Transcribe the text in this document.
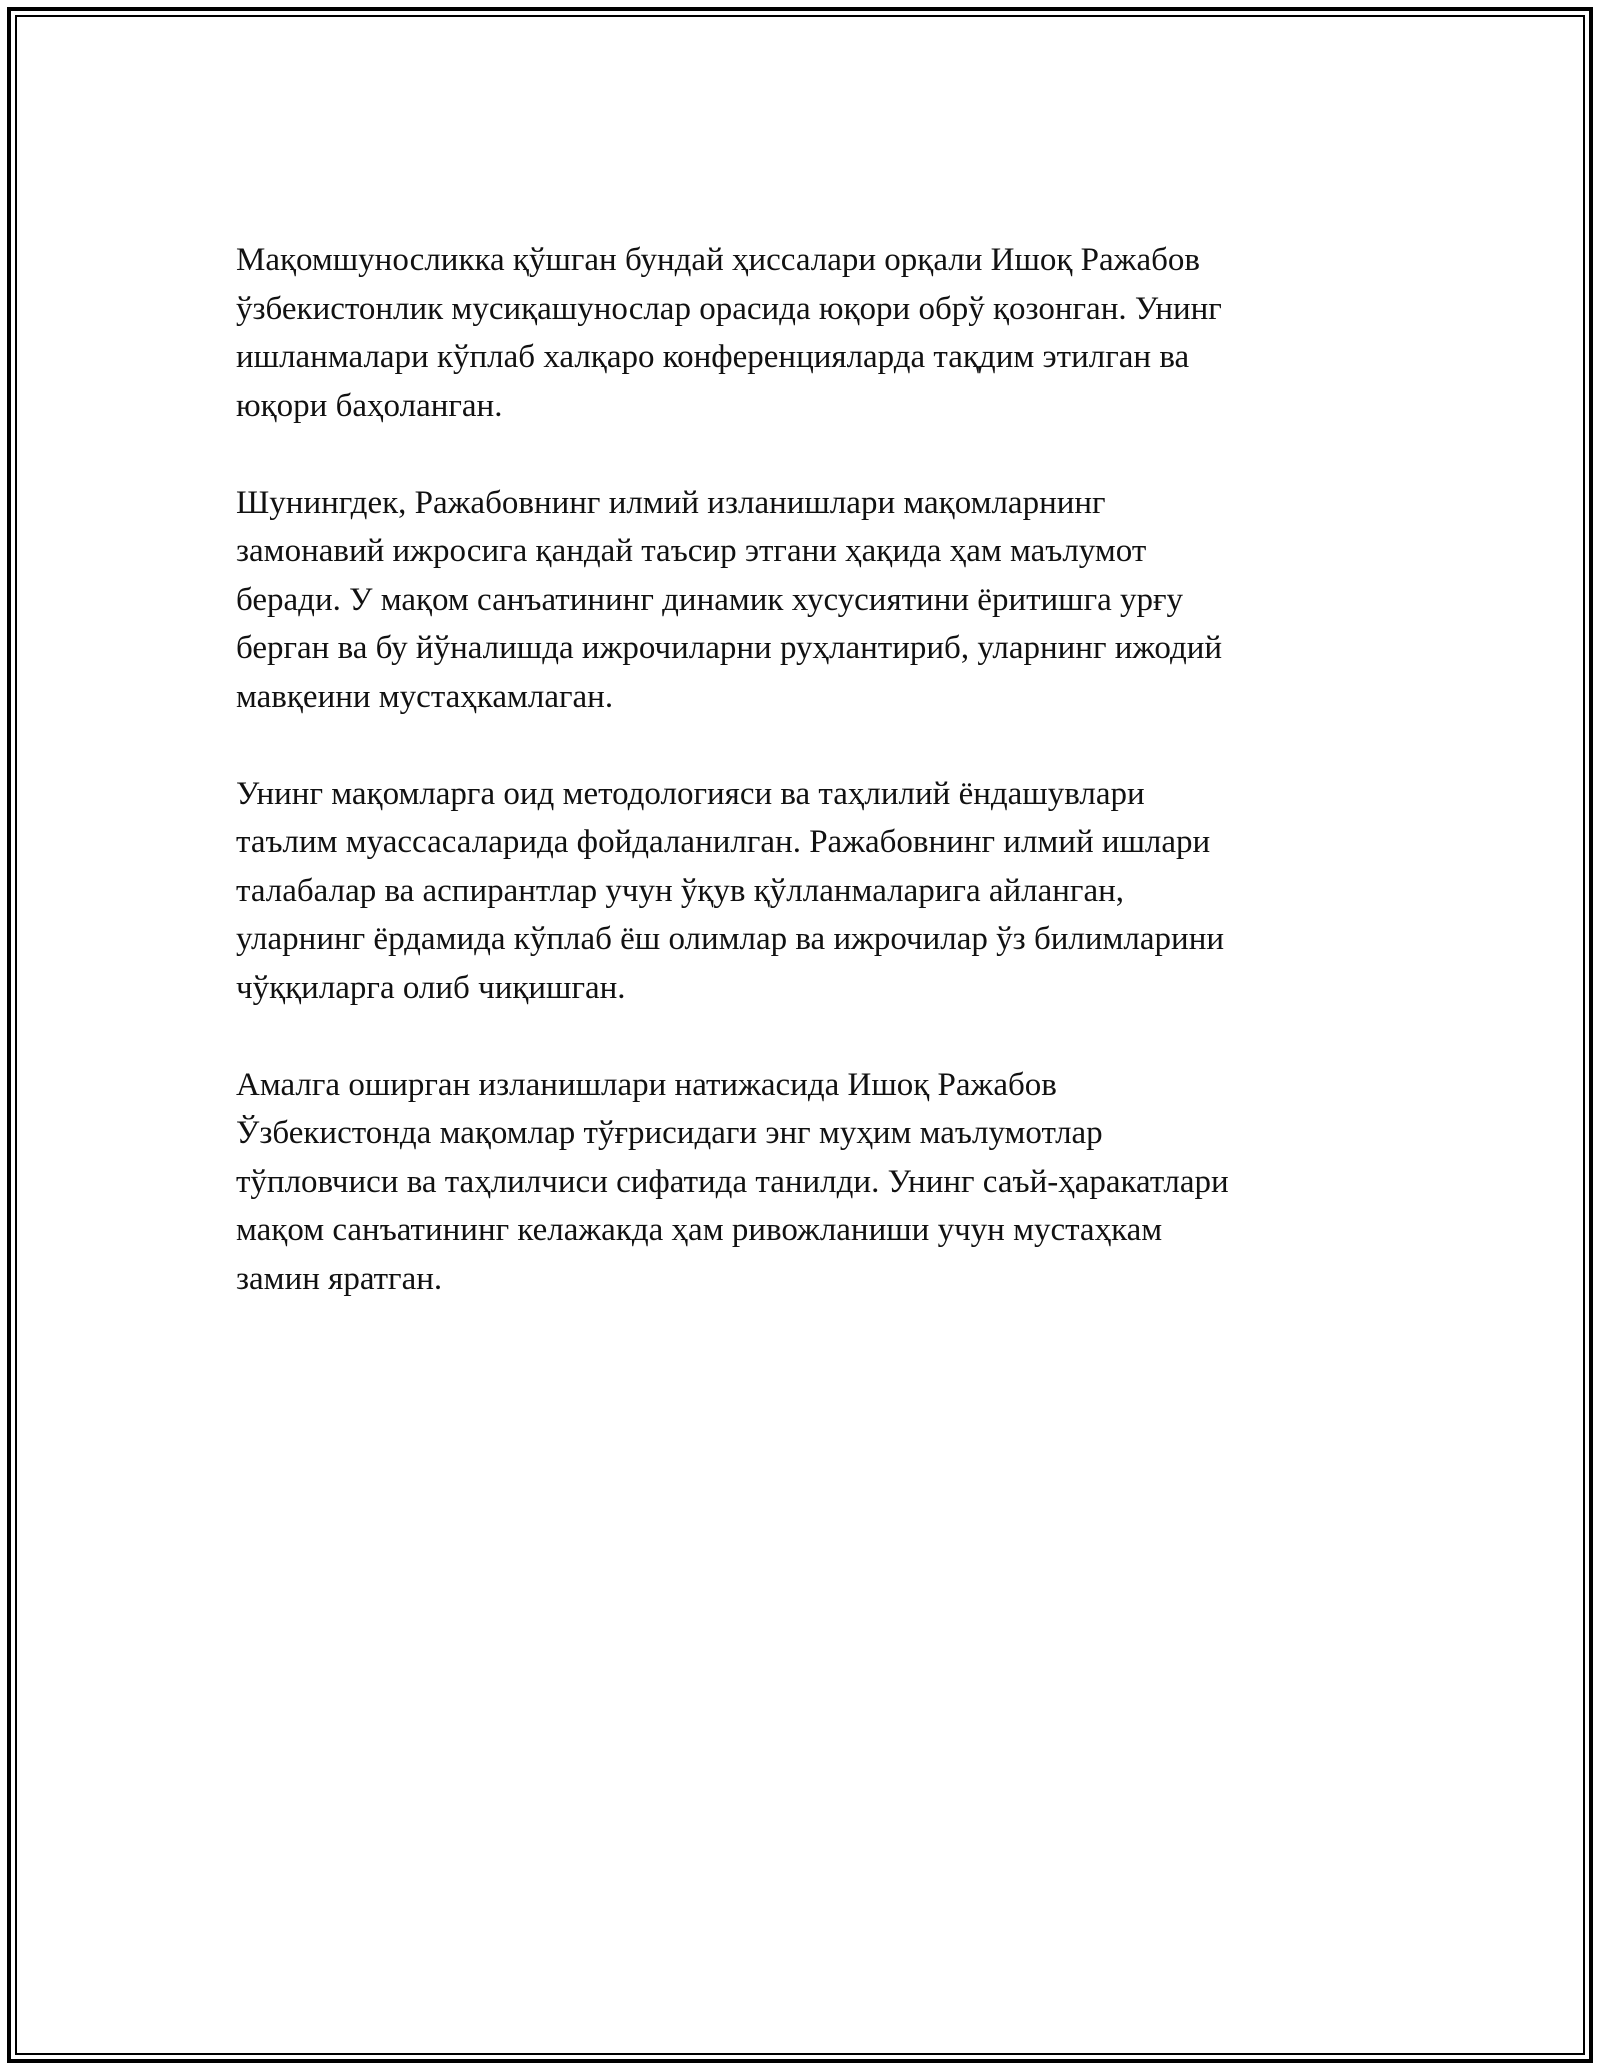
Мақомшуносликка қўшган бундай ҳиссалари орқали Ишоқ Ражабов
ўзбекистонлик мусиқашунослар орасида юқори обрў қозонган. Унинг
ишланмалари кўплаб халқаро конференцияларда тақдим этилган ва
юқори баҳоланган.

Шунингдек, Ражабовнинг илмий изланишлари мақомларнинг
замонавий ижросига қандай таъсир этгани ҳақида ҳам маълумот
беради. У мақом санъатининг динамик хусусиятини ёритишга урғу
берган ва бу йўналишда ижрочиларни руҳлантириб, уларнинг ижодий
мавқеини мустаҳкамлаган.

Унинг мақомларга оид методологияси ва таҳлилий ёндашувлари
таълим муассасаларида фойдаланилган. Ражабовнинг илмий ишлари
талабалар ва аспирантлар учун ўқув қўлланмаларига айланган,
уларнинг ёрдамида кўплаб ёш олимлар ва ижрочилар ўз билимларини
чўққиларга олиб чиқишган.

Амалга оширган изланишлари натижасида Ишоқ Ражабов
Ўзбекистонда мақомлар тўғрисидаги энг муҳим маълумотлар
тўпловчиси ва таҳлилчиси сифатида танилди. Унинг саъй-ҳаракатлари
мақом санъатининг келажакда ҳам ривожланиши учун мустаҳкам
замин яратган.
